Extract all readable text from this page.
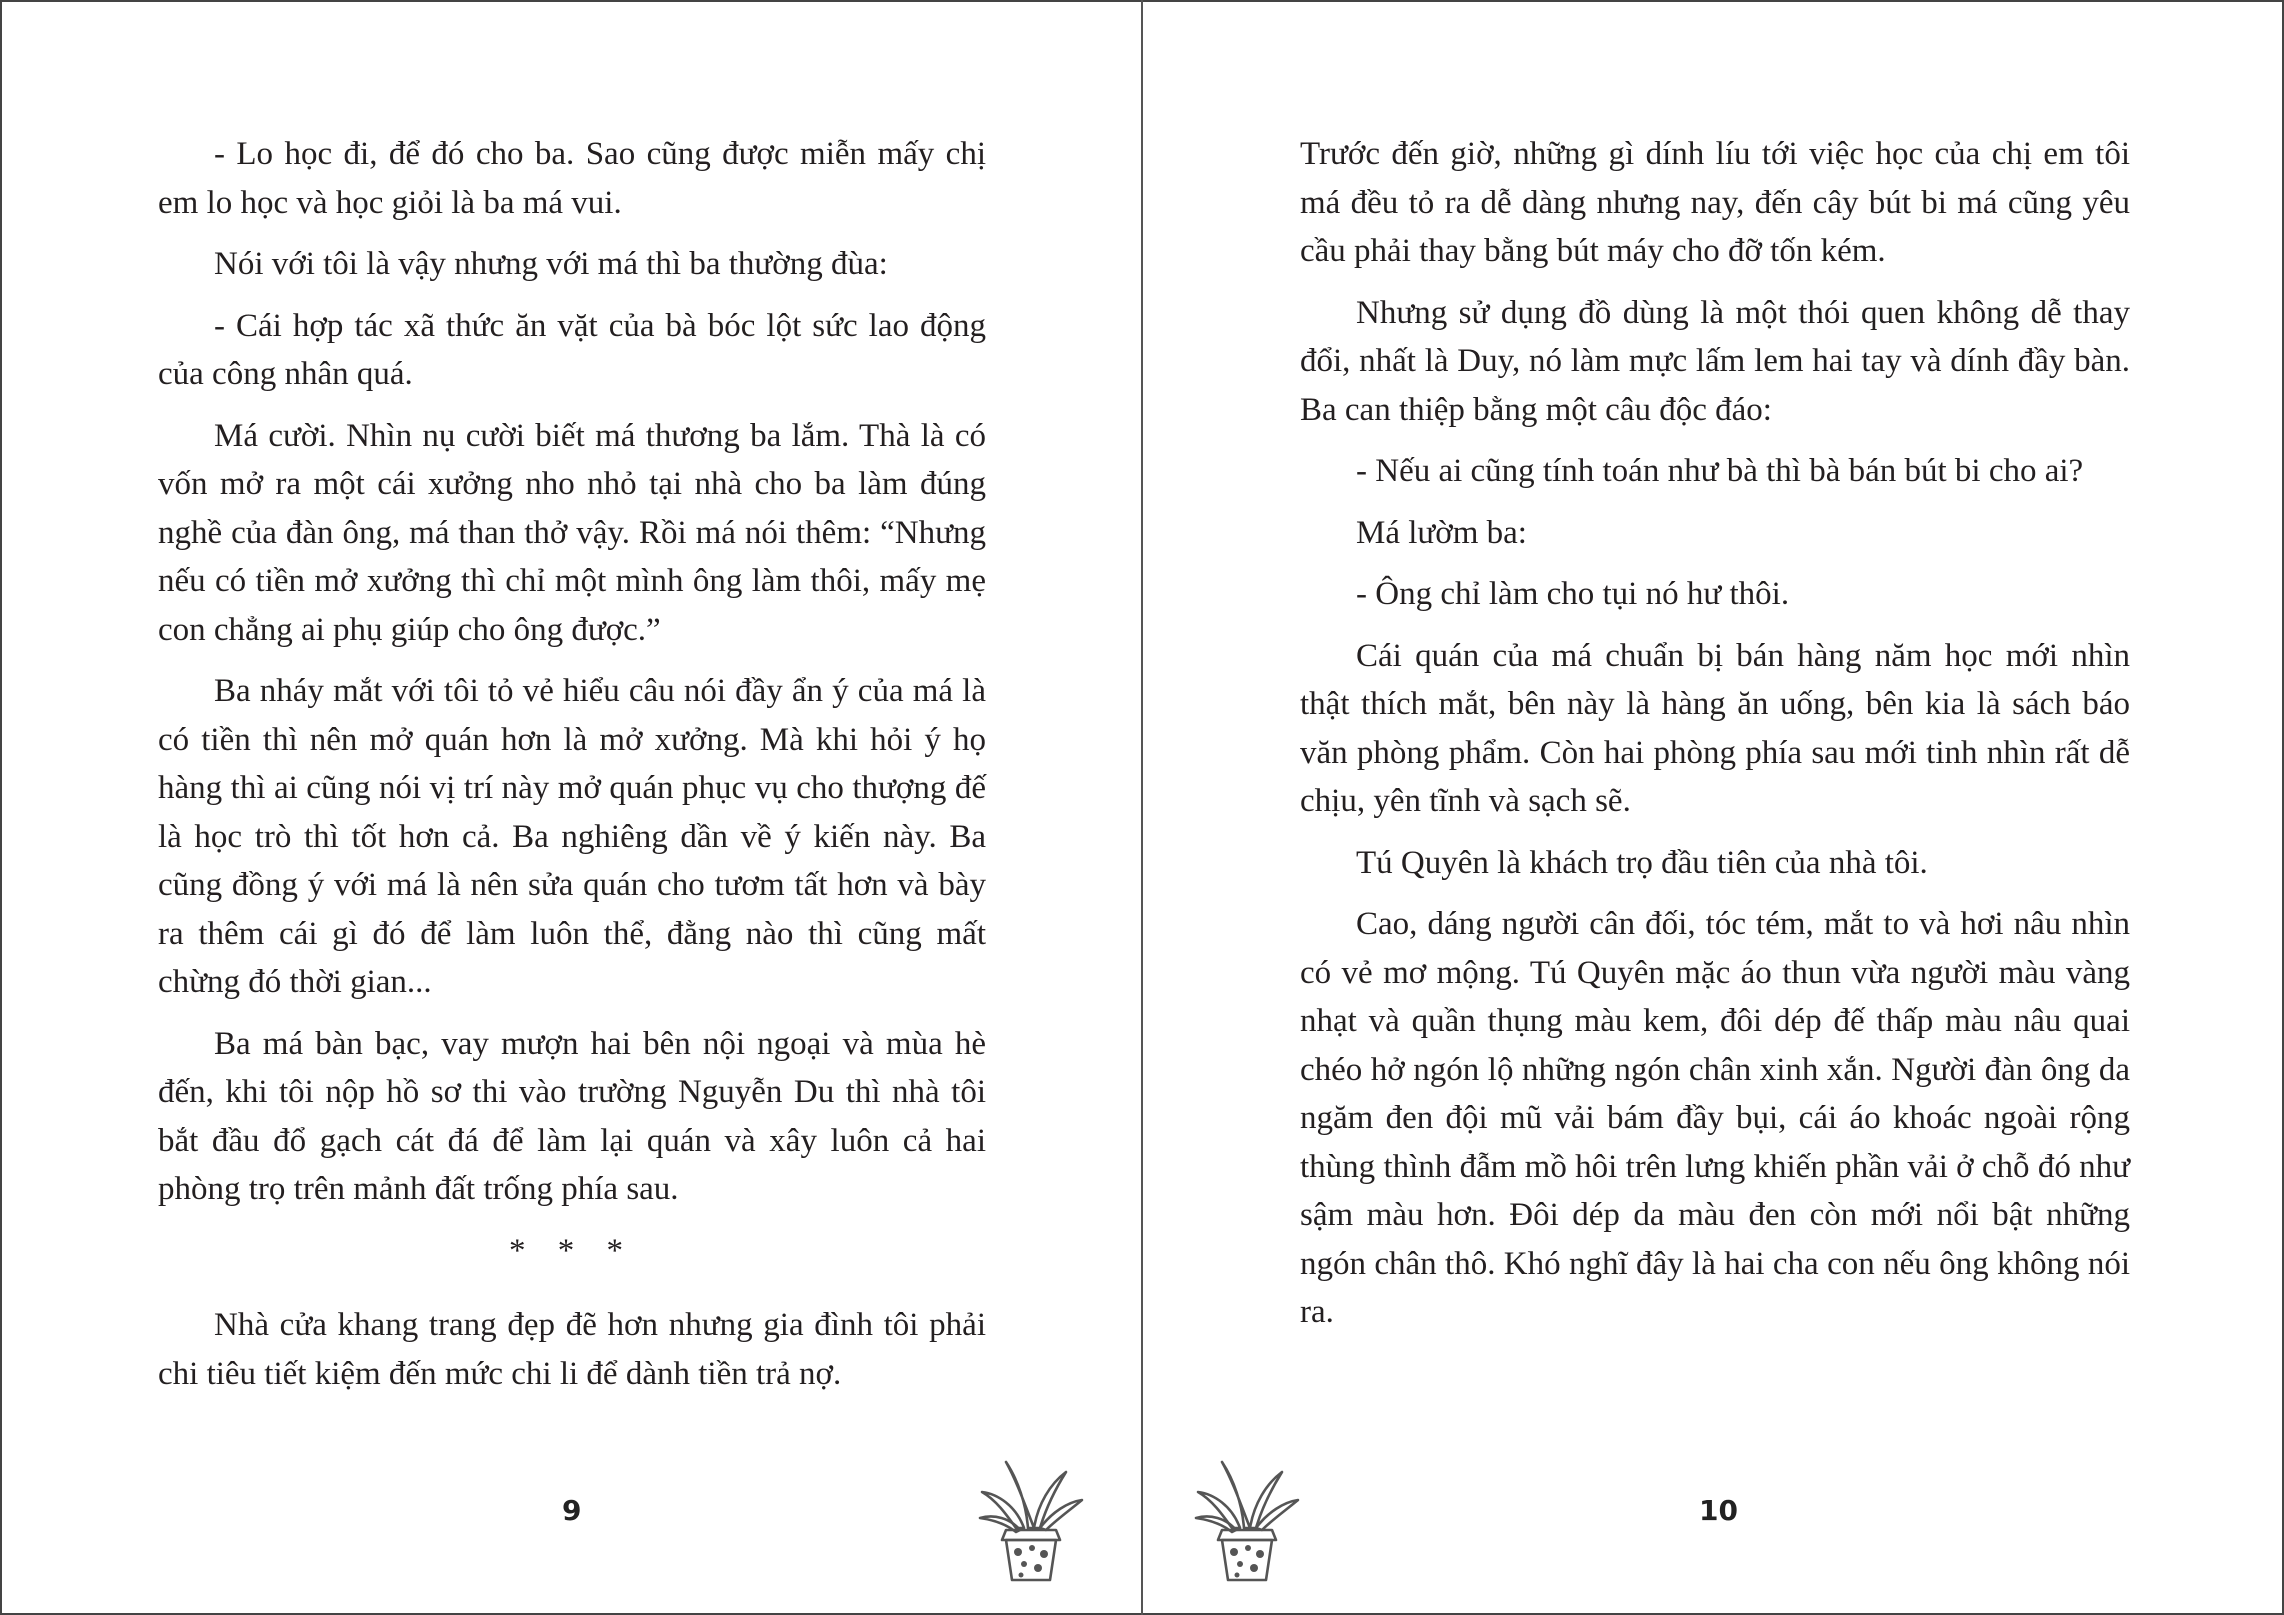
- Lo học đi, để đó cho ba. Sao cũng được miễn mấy chị em lo học và học giỏi là ba má vui.

Nói với tôi là vậy nhưng với má thì ba thường đùa:

- Cái hợp tác xã thức ăn vặt của bà bóc lột sức lao động của công nhân quá.

Má cười. Nhìn nụ cười biết má thương ba lắm. Thà là có vốn mở ra một cái xưởng nho nhỏ tại nhà cho ba làm đúng nghề của đàn ông, má than thở vậy. Rồi má nói thêm: “Nhưng nếu có tiền mở xưởng thì chỉ một mình ông làm thôi, mấy mẹ con chẳng ai phụ giúp cho ông được.”

Ba nháy mắt với tôi tỏ vẻ hiểu câu nói đầy ẩn ý của má là có tiền thì nên mở quán hơn là mở xưởng. Mà khi hỏi ý họ hàng thì ai cũng nói vị trí này mở quán phục vụ cho thượng đế là học trò thì tốt hơn cả. Ba nghiêng dần về ý kiến này. Ba cũng đồng ý với má là nên sửa quán cho tươm tất hơn và bày ra thêm cái gì đó để làm luôn thể, đằng nào thì cũng mất chừng đó thời gian...

Ba má bàn bạc, vay mượn hai bên nội ngoại và mùa hè đến, khi tôi nộp hồ sơ thi vào trường Nguyễn Du thì nhà tôi bắt đầu đổ gạch cát đá để làm lại quán và xây luôn cả hai phòng trọ trên mảnh đất trống phía sau.

* * *

Nhà cửa khang trang đẹp đẽ hơn nhưng gia đình tôi phải chi tiêu tiết kiệm đến mức chi li để dành tiền trả nợ.

9

Trước đến giờ, những gì dính líu tới việc học của chị em tôi má đều tỏ ra dễ dàng nhưng nay, đến cây bút bi má cũng yêu cầu phải thay bằng bút máy cho đỡ tốn kém.

Nhưng sử dụng đồ dùng là một thói quen không dễ thay đổi, nhất là Duy, nó làm mực lấm lem hai tay và dính đầy bàn. Ba can thiệp bằng một câu độc đáo:

- Nếu ai cũng tính toán như bà thì bà bán bút bi cho ai?

Má lườm ba:

- Ông chỉ làm cho tụi nó hư thôi.

Cái quán của má chuẩn bị bán hàng năm học mới nhìn thật thích mắt, bên này là hàng ăn uống, bên kia là sách báo văn phòng phẩm. Còn hai phòng phía sau mới tinh nhìn rất dễ chịu, yên tĩnh và sạch sẽ.

Tú Quyên là khách trọ đầu tiên của nhà tôi.

Cao, dáng người cân đối, tóc tém, mắt to và hơi nâu nhìn có vẻ mơ mộng. Tú Quyên mặc áo thun vừa người màu vàng nhạt và quần thụng màu kem, đôi dép đế thấp màu nâu quai chéo hở ngón lộ những ngón chân xinh xắn. Người đàn ông da ngăm đen đội mũ vải bám đầy bụi, cái áo khoác ngoài rộng thùng thình đẫm mồ hôi trên lưng khiến phần vải ở chỗ đó như sậm màu hơn. Đôi dép da màu đen còn mới nổi bật những ngón chân thô. Khó nghĩ đây là hai cha con nếu ông không nói ra.

10
